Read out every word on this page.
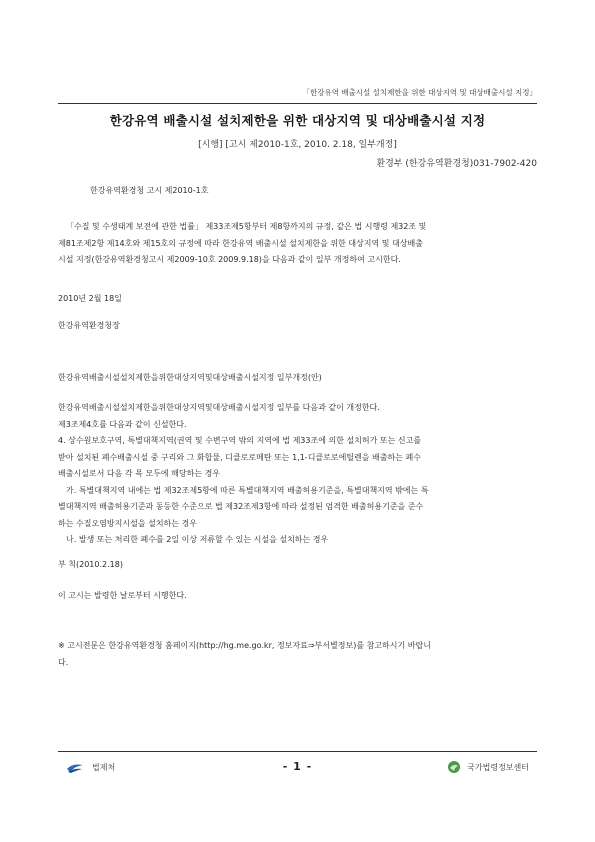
「한강유역 배출시설 설치제한을 위한 대상지역 및 대상배출시설 지정」
한강유역 배출시설 설치제한을 위한 대상지역 및 대상배출시설 지정
[시행] [고시 제2010-1호, 2010. 2.18, 일부개정]
환경부 (한강유역환경청)031-7902-420
한강유역환경청 고시 제2010-1호
「수질 및 수생태계 보전에 관한 법률」 제33조제5항부터 제8항까지의 규정, 같은 법 시행령 제32조 및
제81조제2항 제14호와 제15호의 규정에 따라 한강유역 배출시설 설치제한을 위한 대상지역 및 대상배출
시설 지정(한강유역환경청고시 제2009-10호 2009.9.18)을 다음과 같이 일부 개정하여 고시한다.
2010년 2월 18일
한강유역환경청장
한강유역배출시설설치제한을위한대상지역및대상배출시설지정 일부개정(안)
한강유역배출시설설치제한을위한대상지역및대상배출시설지정 일부를 다음과 같이 개정한다.
제3조제4호를 다음과 같이 신설한다.
4. 상수원보호구역, 특별대책지역(권역 및 수변구역 밖의 지역에 법 제33조에 의한 설치허가 또는 신고를
받아 설치된 폐수배출시설 중 구리와 그 화합물, 디클로로메탄 또는 1,1-디클로로에틸렌을 배출하는 폐수
배출시설로서 다음 각 목 모두에 해당하는 경우
가. 특별대책지역 내에는 법 제32조제5항에 따른 특별대책지역 배출허용기준을, 특별대책지역 밖에는 특
별대책지역 배출허용기준과 동등한 수준으로 법 제32조제3항에 따라 설정된 엄격한 배출허용기준을 준수
하는 수질오염방지시설을 설치하는 경우
나. 발생 또는 처리한 폐수를 2일 이상 저류할 수 있는 시설을 설치하는 경우
부 칙(2010.2.18)
이 고시는 발령한 날로부터 시행한다.
※ 고시전문은 한강유역환경청 홈페이지(http://hg.me.go.kr, 정보자료⇒부서별정보)를 참고하시기 바랍니
다.
법제처	- 1 -	국가법령정보센터
